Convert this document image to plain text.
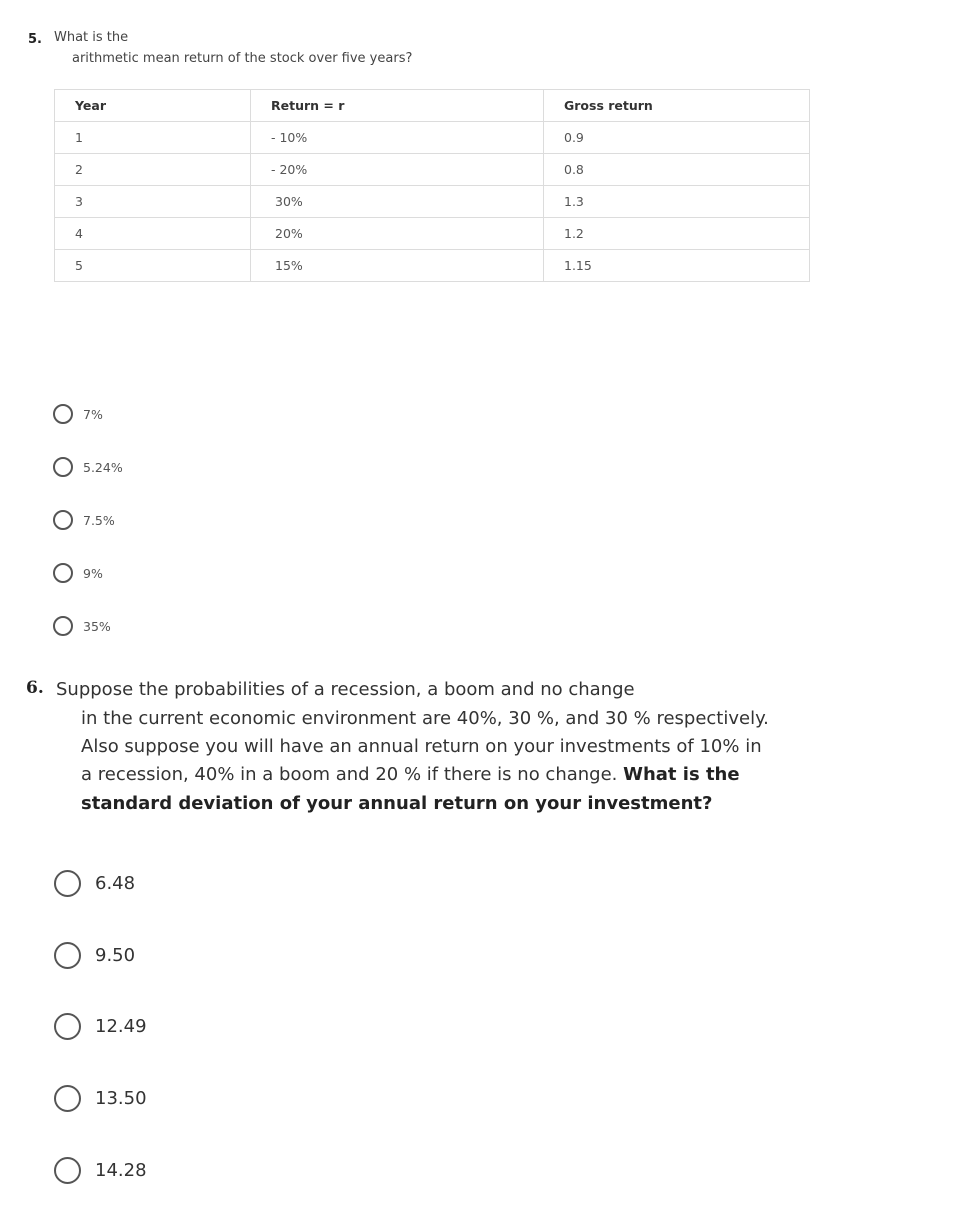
5. What is the
arithmetic mean return of the stock over five years?
Year	Return = r	Gross return
1	- 10%	0.9
2	- 20%	0.8
3	30%	1.3
4	20%	1.2
5	15%	1.15
7%
5.24%
7.5%
9%
35%
6. Suppose the probabilities of a recession, a boom and no change
in the current economic environment are 40%, 30 %, and 30 % respectively.
Also suppose you will have an annual return on your investments of 10% in
a recession, 40% in a boom and 20 % if there is no change. What is the
standard deviation of your annual return on your investment?
6.48
9.50
12.49
13.50
14.28
